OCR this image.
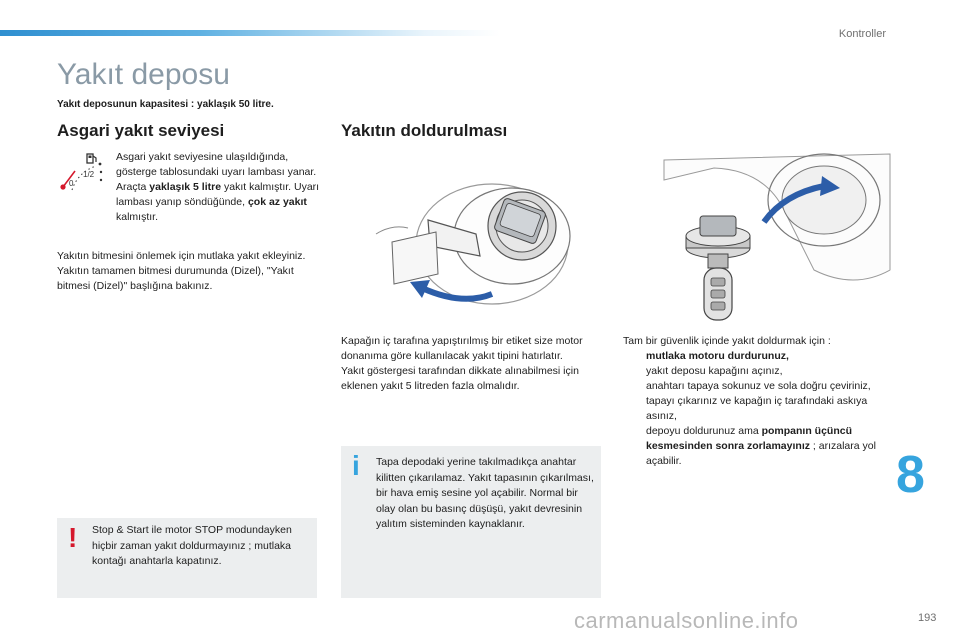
Kontroller
Yakıt deposu
Yakıt deposunun kapasitesi : yaklaşık 50 litre.
Asgari yakıt seviyesi	Yakıtın doldurulması
1/2
0

Asgari yakıt seviyesine ulaşıldığında, gösterge tablosundaki uyarı lambası yanar. Araçta yaklaşık 5 litre yakıt kalmıştır. Uyarı lambası yanıp söndüğünde, çok az yakıt kalmıştır.

Yakıtın bitmesini önlemek için mutlaka yakıt ekleyiniz.

Yakıtın tamamen bitmesi durumunda (Dizel), "Yakıt bitmesi (Dizel)" başlığına bakınız.

Kapağın iç tarafına yapıştırılmış bir etiket size motor donanıma göre kullanılacak yakıt tipini hatırlatır.

Yakıt göstergesi tarafından dikkate alınabilmesi için eklenen yakıt 5 litreden fazla olmalıdır.

Tam bir güvenlik içinde yakıt doldurmak için :

mutlaka motoru durdurunuz,
yakıt deposu kapağını açınız,
anahtarı tapaya sokunuz ve sola doğru çeviriniz,
tapayı çıkarınız ve kapağın iç tarafındaki askıya asınız,
depoyu doldurunuz ama pompanın üçüncü kesmesinden sonra zorlamayınız ; arızalara yol açabilir.
i Tapa depodaki yerine takılmadıkça anahtar kilitten çıkarılamaz. Yakıt tapasının çıkarılması, bir hava emiş sesine yol açabilir. Normal bir olay olan bu basınç düşüşü, yakıt devresinin yalıtım sisteminden kaynaklanır.
! Stop & Start ile motor STOP modundayken hiçbir zaman yakıt doldurmayınız ; mutlaka kontağı anahtarla kapatınız.
8
carmanualsonline.info	193
